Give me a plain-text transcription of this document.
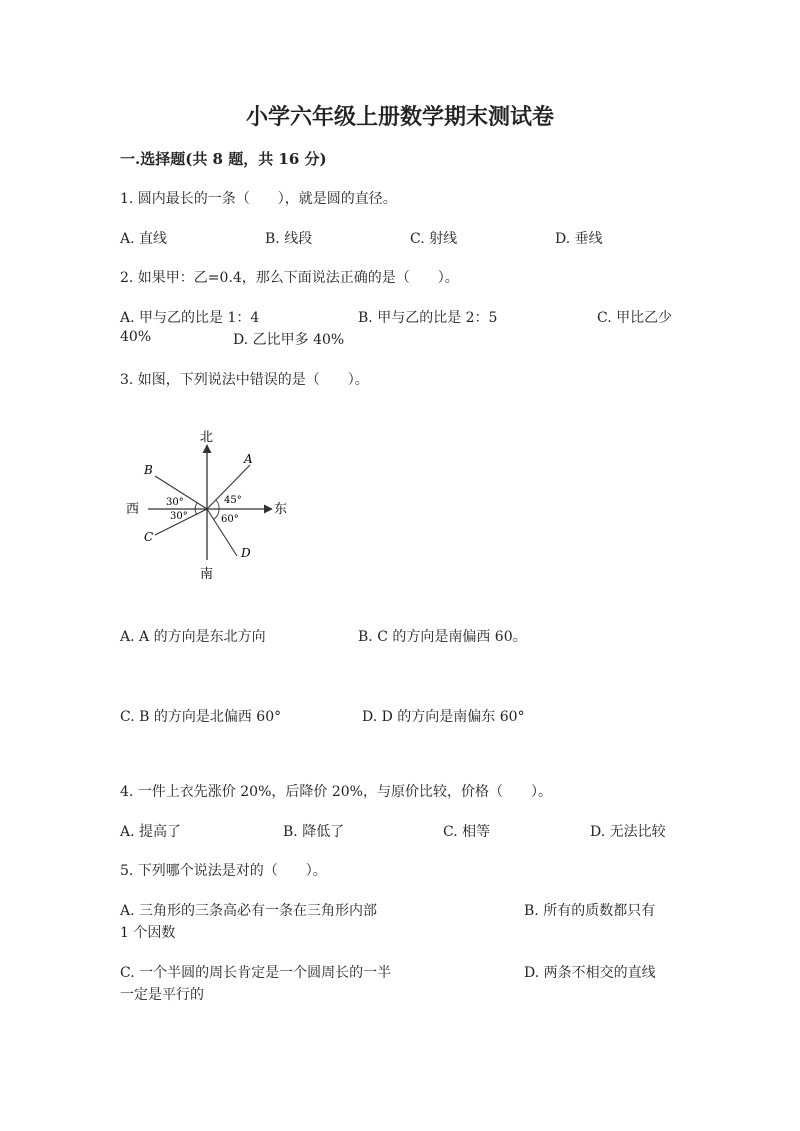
小学六年级上册数学期末测试卷
一.选择题(共 8 题，共 16 分)
1. 圆内最长的一条（　　），就是圆的直径。
A. 直线	B. 线段	C. 射线	D. 垂线
2. 如果甲：乙=0.4，那么下面说法正确的是（　　）。
A. 甲与乙的比是 1：4	B. 甲与乙的比是 2：5	C. 甲比乙少
40%	D. 乙比甲多 40%
3. 如图，下列说法中错误的是（　　）。
北
南
东
西
A
B
C
D
30°
30°
45°
60°
A. A 的方向是东北方向	B. C 的方向是南偏西 60。
C. B 的方向是北偏西 60°	D. D 的方向是南偏东 60°
4. 一件上衣先涨价 20%，后降价 20%，与原价比较，价格（　　）。
A. 提高了	B. 降低了	C. 相等	D. 无法比较
5. 下列哪个说法是对的（　　）。
A. 三角形的三条高必有一条在三角形内部	B. 所有的质数都只有
1 个因数
C. 一个半圆的周长肯定是一个圆周长的一半	D. 两条不相交的直线
一定是平行的
